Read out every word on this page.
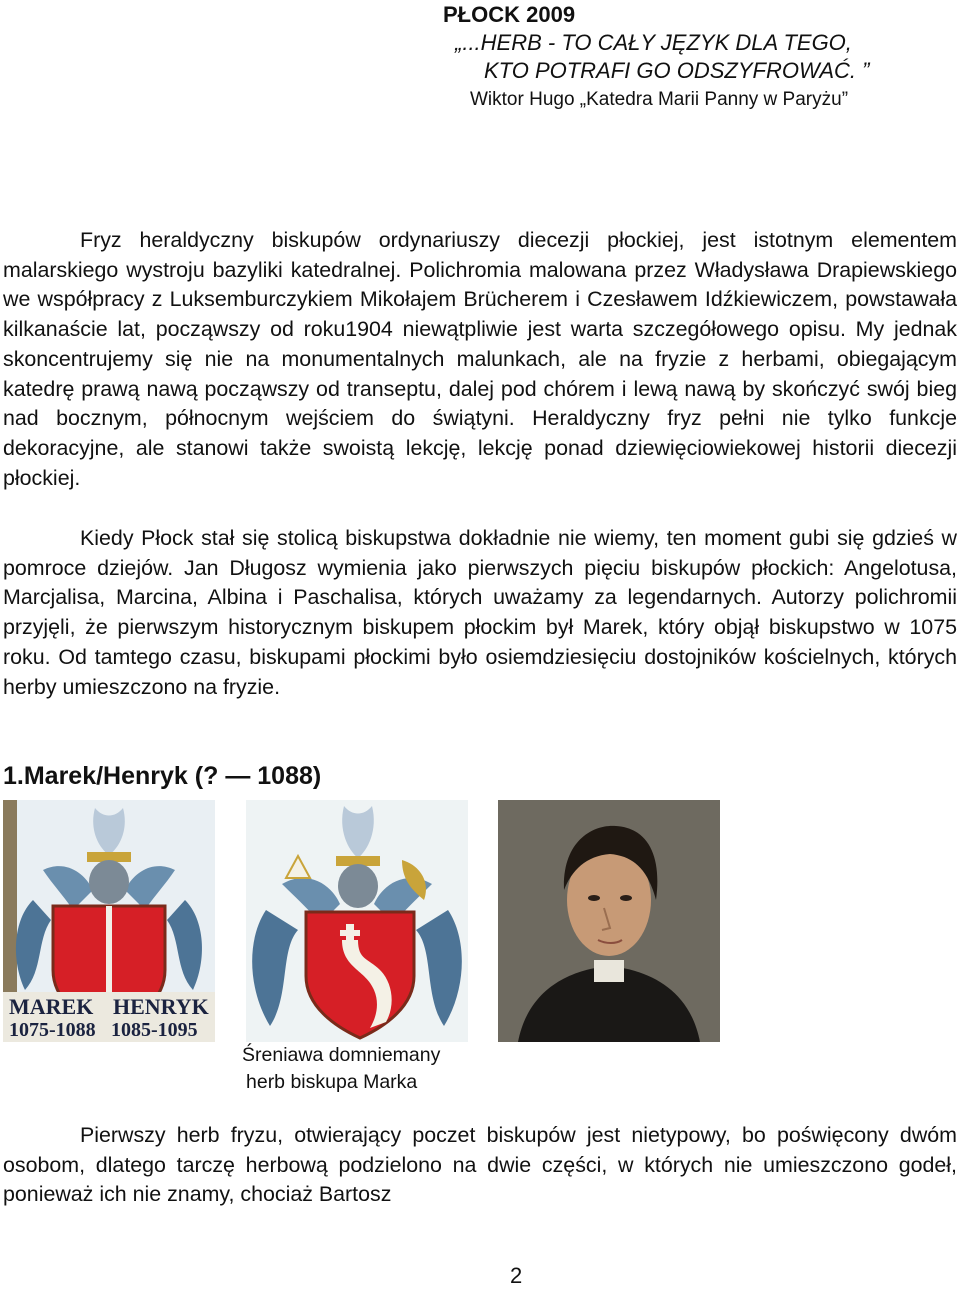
PŁOCK 2009
„...HERB - TO CAŁY JĘZYK DLA TEGO,
KTO POTRAFI GO ODSZYFROWAĆ. ”
Wiktor Hugo „Katedra Marii Panny w Paryżu”

Fryz heraldyczny biskupów ordynariuszy diecezji płockiej, jest istotnym elementem malarskiego wystroju bazyliki katedralnej. Polichromia malowana przez Władysława Drapiewskiego we współpracy z Luksemburczykiem Mikołajem Brücherem i Czesławem Idźkiewiczem, powstawała kilkanaście lat, począwszy od roku1904 niewątpliwie jest warta szczegółowego opisu. My jednak skoncentrujemy się nie na monumentalnych malunkach, ale na fryzie z herbami, obiegającym katedrę prawą nawą począwszy od transeptu, dalej pod chórem i lewą nawą by skończyć swój bieg nad bocznym, północnym wejściem do świątyni. Heraldyczny fryz pełni nie tylko funkcje dekoracyjne, ale stanowi także swoistą lekcję, lekcję ponad dziewięciowiekowej historii diecezji płockiej.

Kiedy Płock stał się stolicą biskupstwa dokładnie nie wiemy, ten moment gubi się gdzieś w pomroce dziejów. Jan Długosz wymienia jako pierwszych pięciu biskupów płockich: Angelotusa, Marcjalisa, Marcina, Albina i Paschalisa, których uważamy za legendarnych. Autorzy polichromii przyjęli, że pierwszym historycznym biskupem płockim był Marek, który objął biskupstwo w 1075 roku. Od tamtego czasu, biskupami płockimi było osiemdziesięciu dostojników kościelnych, których herby umieszczono na fryzie.

1.Marek/Henryk (? — 1088)
MAREK HENRYK
1075-1088 1085-1095
Śreniawa domniemany
herb biskupa Marka

Pierwszy herb fryzu, otwierający poczet biskupów jest nietypowy, bo poświęcony dwóm osobom, dlatego tarczę herbową podzielono na dwie części, w których nie umieszczono godeł, ponieważ ich nie znamy, chociaż Bartosz

2
